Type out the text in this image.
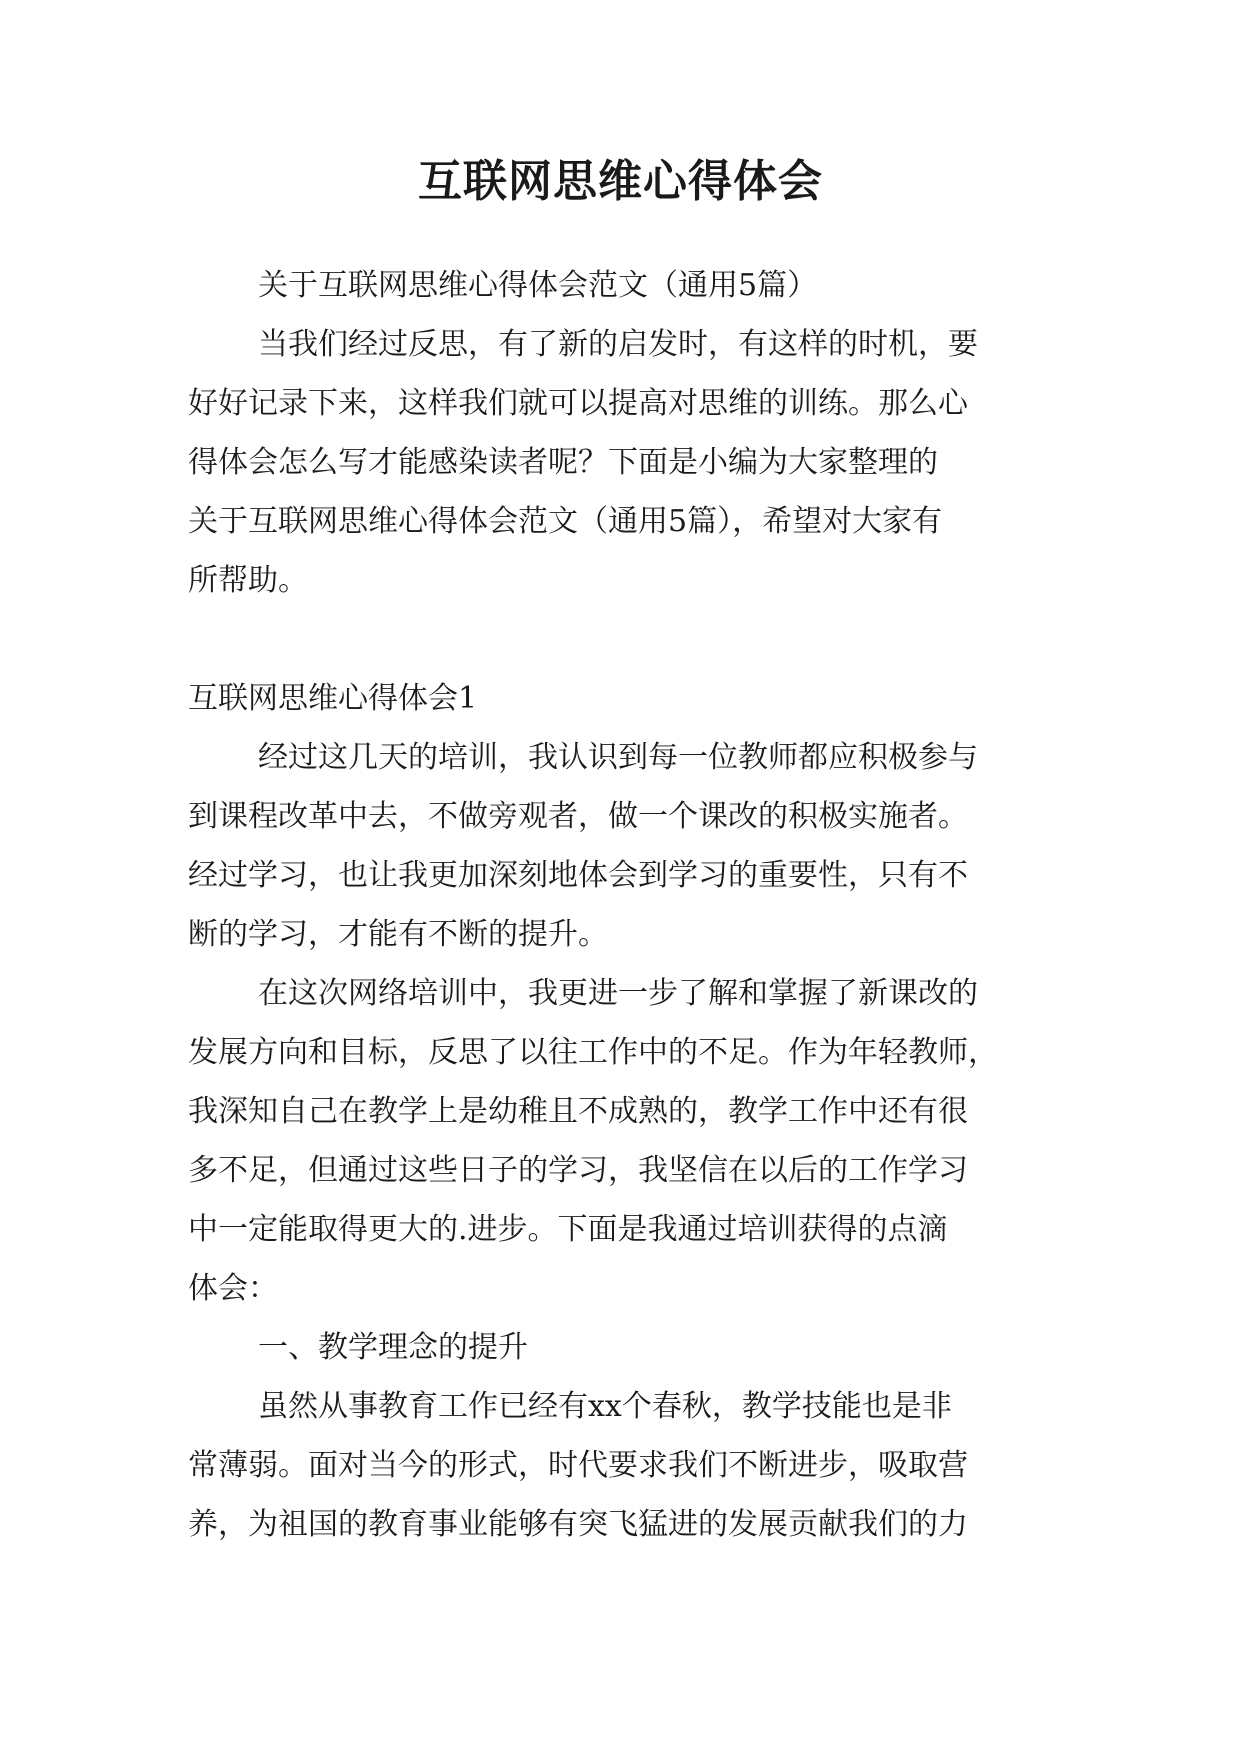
互联网思维心得体会

关于互联网思维心得体会范文（通用5篇）

当我们经过反思，有了新的启发时，有这样的时机，要

好好记录下来，这样我们就可以提高对思维的训练。那么心

得体会怎么写才能感染读者呢？下面是小编为大家整理的

关于互联网思维心得体会范文（通用5篇），希望对大家有

所帮助。

互联网思维心得体会1

经过这几天的培训，我认识到每一位教师都应积极参与

到课程改革中去，不做旁观者，做一个课改的积极实施者。

经过学习，也让我更加深刻地体会到学习的重要性，只有不

断的学习，才能有不断的提升。

在这次网络培训中，我更进一步了解和掌握了新课改的

发展方向和目标，反思了以往工作中的不足。作为年轻教师，

我深知自己在教学上是幼稚且不成熟的，教学工作中还有很

多不足，但通过这些日子的学习，我坚信在以后的工作学习

中一定能取得更大的.进步。下面是我通过培训获得的点滴

体会：

一、教学理念的提升

虽然从事教育工作已经有xx个春秋，教学技能也是非

常薄弱。面对当今的形式，时代要求我们不断进步，吸取营

养，为祖国的教育事业能够有突飞猛进的发展贡献我们的力
